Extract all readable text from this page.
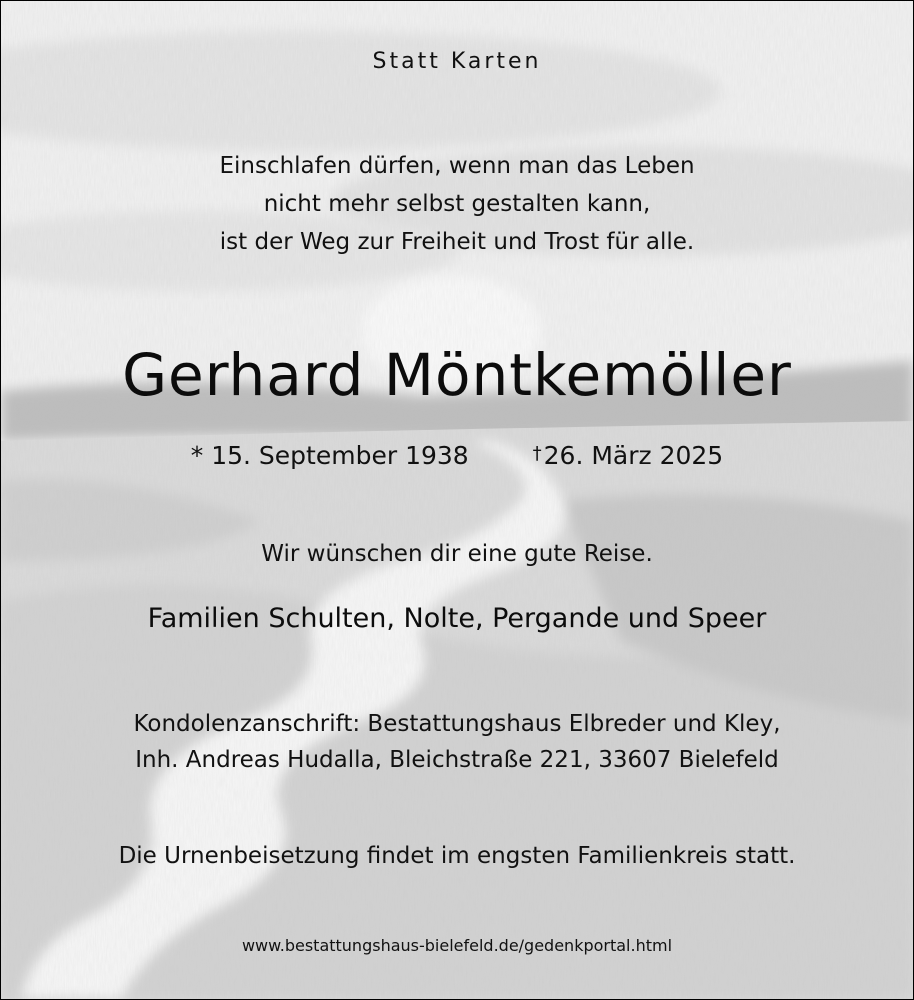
Statt Karten
Einschlafen dürfen, wenn man das Leben
nicht mehr selbst gestalten kann,
ist der Weg zur Freiheit und Trost für alle.
Gerhard Möntkemöller
* 15. September 1938	†26. März 2025
Wir wünschen dir eine gute Reise.
Familien Schulten, Nolte, Pergande und Speer
Kondolenzanschrift: Bestattungshaus Elbreder und Kley,
Inh. Andreas Hudalla, Bleichstraße 221, 33607 Bielefeld
Die Urnenbeisetzung findet im engsten Familienkreis statt.
www.bestattungshaus-bielefeld.de/gedenkportal.html
